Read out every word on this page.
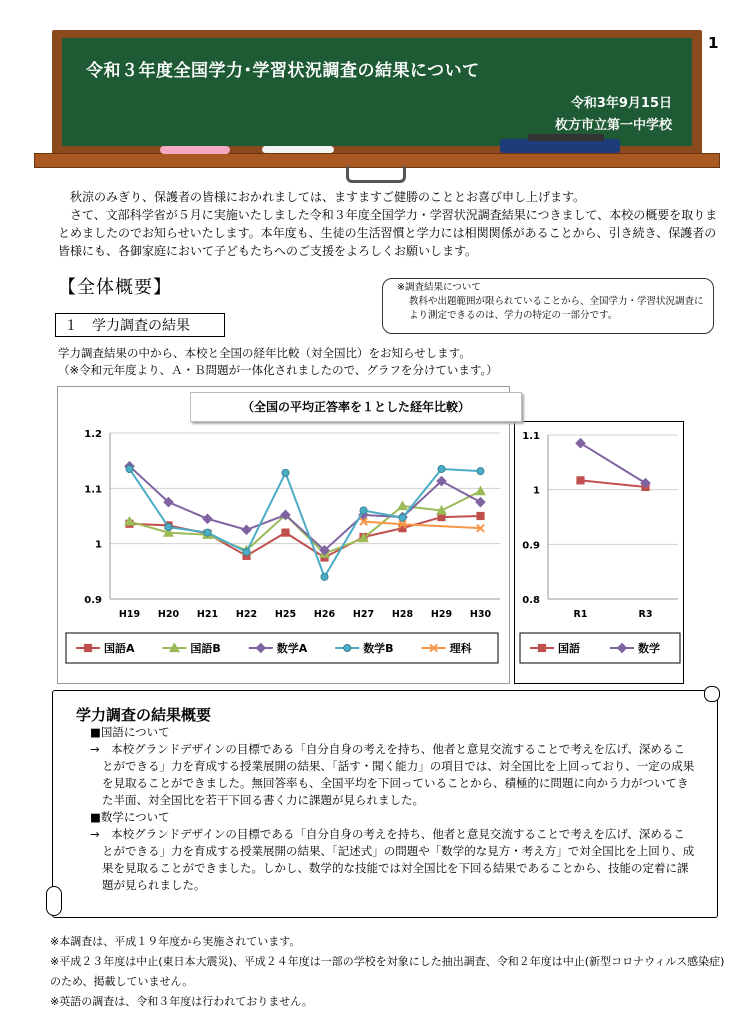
1
令和３年度全国学力･学習状況調査の結果について
令和3年9月15日
枚方市立第一中学校

　秋涼のみぎり、保護者の皆様におかれましては、ますますご健勝のこととお喜び申し上げます。

　さて、文部科学省が５月に実施いたしました令和３年度全国学力・学習状況調査結果につきまして、本校の概要を取りまとめましたのでお知らせいたします。本年度も、生徒の生活習慣と学力には相関関係があることから、引き続き、保護者の皆様にも、各御家庭において子どもたちへのご支援をよろしくお願いします。

【全体概要】	※調査結果について
教科や出題範囲が限られていることから、全国学力・学習状況調査により測定できるのは、学力の特定の一部分です。
１　学力調査の結果

学力調査結果の中から、本校と全国の経年比較（対全国比）をお知らせします。

（※令和元年度より、Ａ・Ｂ問題が一体化されましたので、グラフを分けています。）

0.9
1
1.1
1.2
H19 H20 H21 H22 H25 H26 H27 H28 H29 H30
国語A	国語B	数学A	数学B	理科
0.8
0.9
1
1.1
R1	R3
国語	数学
（全国の平均正答率を１とした経年比較）
学力調査の結果概要

■国語について

→　本校グランドデザインの目標である「自分自身の考えを持ち、他者と意見交流することで考えを広げ、深めることができる」力を育成する授業展開の結果、「話す・聞く能力」の項目では、対全国比を上回っており、一定の成果を見取ることができました。無回答率も、全国平均を下回っていることから、積極的に問題に向かう力がついてきた半面、対全国比を若干下回る書く力に課題が見られました。

■数学について

→　本校グランドデザインの目標である「自分自身の考えを持ち、他者と意見交流することで考えを広げ、深めることができる」力を育成する授業展開の結果、「記述式」の問題や「数学的な見方・考え方」で対全国比を上回り、成果を見取ることができました。しかし、数学的な技能では対全国比を下回る結果であることから、技能の定着に課題が見られました。

※本調査は、平成１９年度から実施されています。

※平成２３年度は中止(東日本大震災)、平成２４年度は一部の学校を対象にした抽出調査、令和２年度は中止(新型コロナウィルス感染症)のため、掲載していません。

※英語の調査は、令和３年度は行われておりません。
